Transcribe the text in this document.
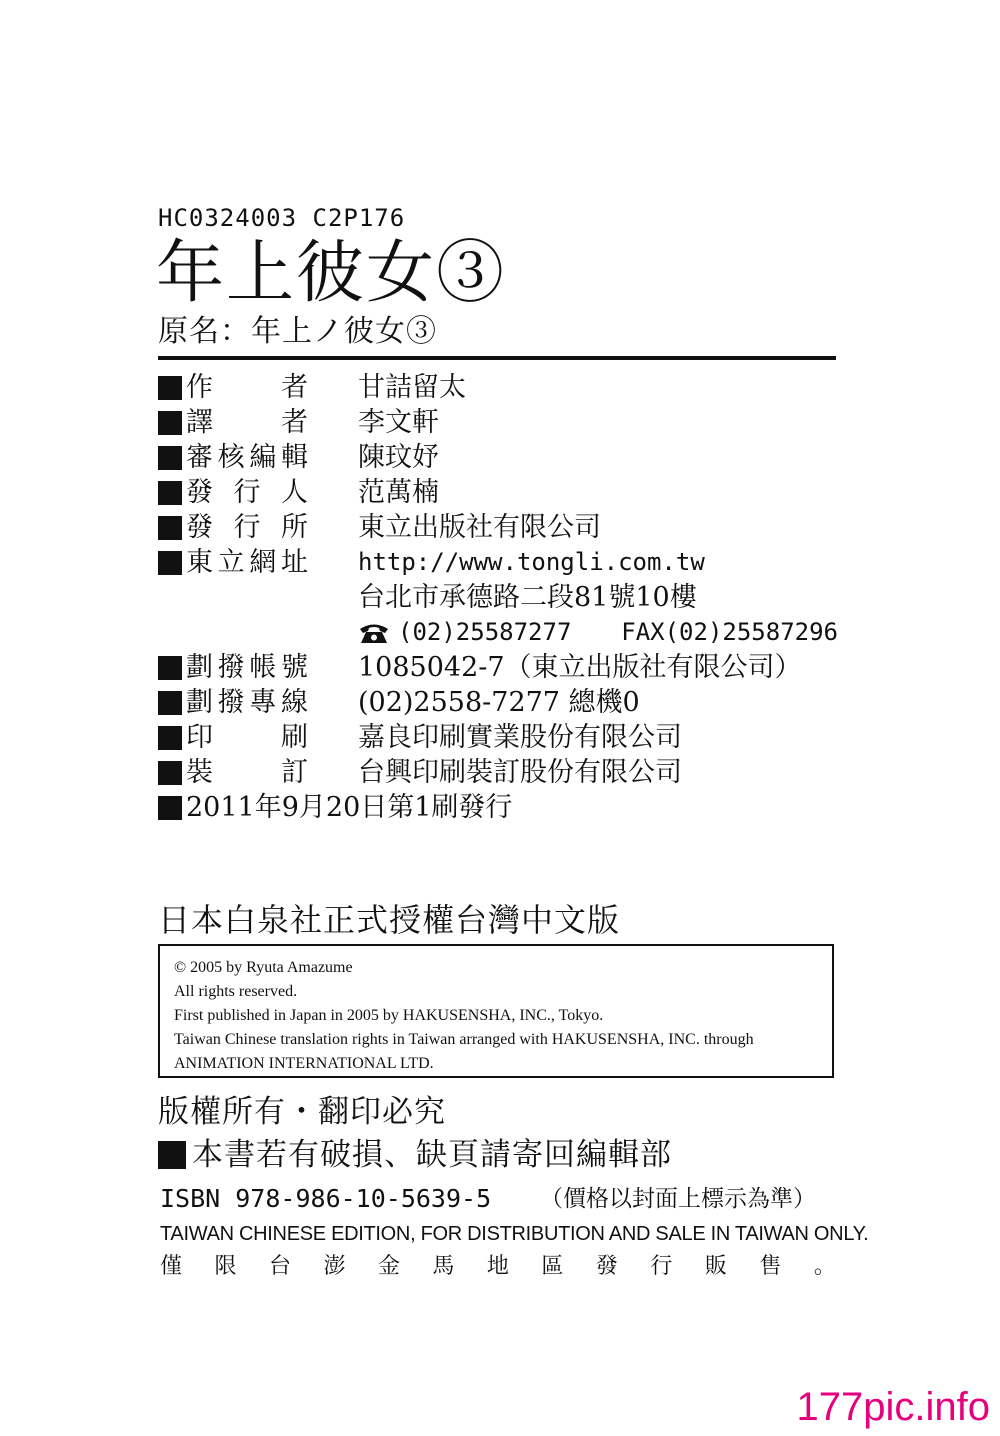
HC0324003 C2P176
年上彼女③
原名：年上ノ彼女③
作	者 甘詰留太
譯	者 李文軒
審 核 編 輯 陳玟妤
發 行 人 范萬楠
發 行 所 東立出版社有限公司
東 立 網 址 http://www.tongli.com.tw
台北市承德路二段81號10樓
(02)25587277 FAX(02)25587296
劃 撥 帳 號 1085042-7（東立出版社有限公司）
劃 撥 專 線 (02)2558-7277 總機0
印	刷 嘉良印刷實業股份有限公司
裝	訂 台興印刷裝訂股份有限公司
2011年9月20日第1刷發行
日本白泉社正式授權台灣中文版
© 2005 by Ryuta Amazume
All rights reserved.
First published in Japan in 2005 by HAKUSENSHA, INC., Tokyo.
Taiwan Chinese translation rights in Taiwan arranged with HAKUSENSHA, INC. through
ANIMATION INTERNATIONAL LTD.
版權所有・翻印必究
本書若有破損、缺頁請寄回編輯部
ISBN 978-986-10-5639-5 （價格以封面上標示為準）
TAIWAN CHINESE EDITION, FOR DISTRIBUTION AND SALE IN TAIWAN ONLY.
僅 限 台 澎 金 馬 地 區 發 行 販 售 。
177pic.info
